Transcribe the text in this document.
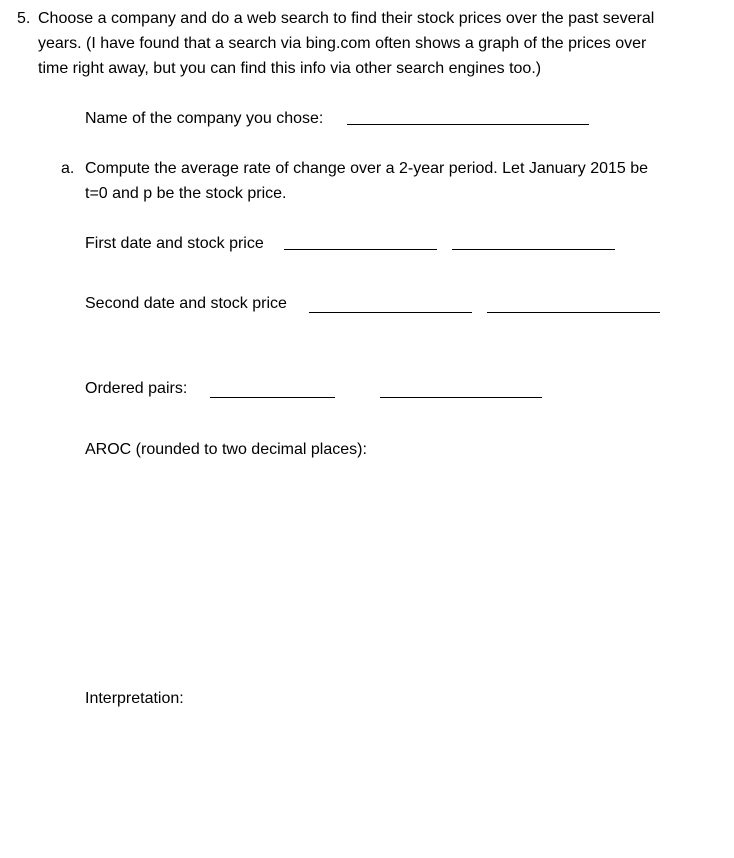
5. Choose a company and do a web search to find their stock prices over the past several
years. (I have found that a search via bing.com often shows a graph of the prices over
time right away, but you can find this info via other search engines too.)
Name of the company you chose:
a. Compute the average rate of change over a 2-year period. Let January 2015 be
t=0 and p be the stock price.
First date and stock price
Second date and stock price
Ordered pairs:
AROC (rounded to two decimal places):
Interpretation:
